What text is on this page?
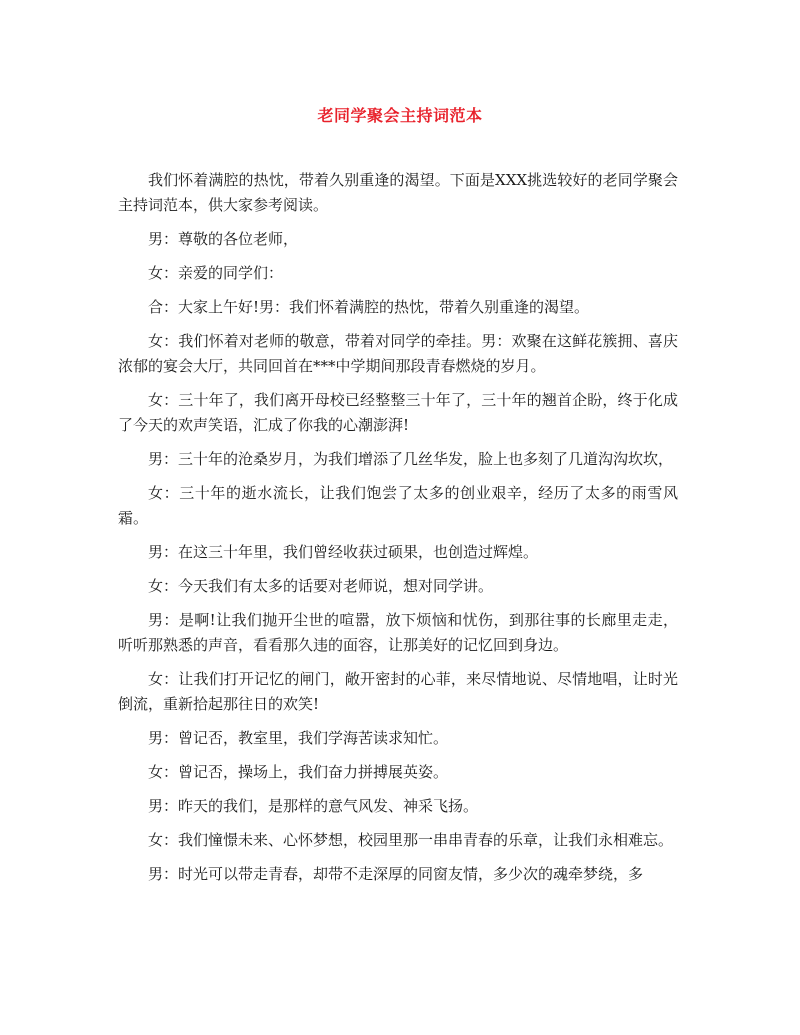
老同学聚会主持词范本

我们怀着满腔的热忱，带着久别重逢的渴望。下面是XXX挑选较好的老同学聚会主持词范本，供大家参考阅读。

男：尊敬的各位老师，

女：亲爱的同学们：

合：大家上午好!男：我们怀着满腔的热忱，带着久别重逢的渴望。

女：我们怀着对老师的敬意，带着对同学的牵挂。男：欢聚在这鲜花簇拥、喜庆浓郁的宴会大厅，共同回首在***中学期间那段青春燃烧的岁月。

女：三十年了，我们离开母校已经整整三十年了，三十年的翘首企盼，终于化成了今天的欢声笑语，汇成了你我的心潮澎湃!

男：三十年的沧桑岁月，为我们增添了几丝华发，脸上也多刻了几道沟沟坎坎，

女：三十年的逝水流长，让我们饱尝了太多的创业艰辛，经历了太多的雨雪风霜。

男：在这三十年里，我们曾经收获过硕果，也创造过辉煌。

女：今天我们有太多的话要对老师说，想对同学讲。

男：是啊!让我们抛开尘世的喧嚣，放下烦恼和忧伤，到那往事的长廊里走走，听听那熟悉的声音，看看那久违的面容，让那美好的记忆回到身边。

女：让我们打开记忆的闸门，敞开密封的心菲，来尽情地说、尽情地唱，让时光倒流，重新拾起那往日的欢笑!

男：曾记否，教室里，我们学海苦读求知忙。

女：曾记否，操场上，我们奋力拼搏展英姿。

男：昨天的我们，是那样的意气风发、神采飞扬。

女：我们憧憬未来、心怀梦想，校园里那一串串青春的乐章，让我们永相难忘。

男：时光可以带走青春，却带不走深厚的同窗友情，多少次的魂牵梦绕，多
